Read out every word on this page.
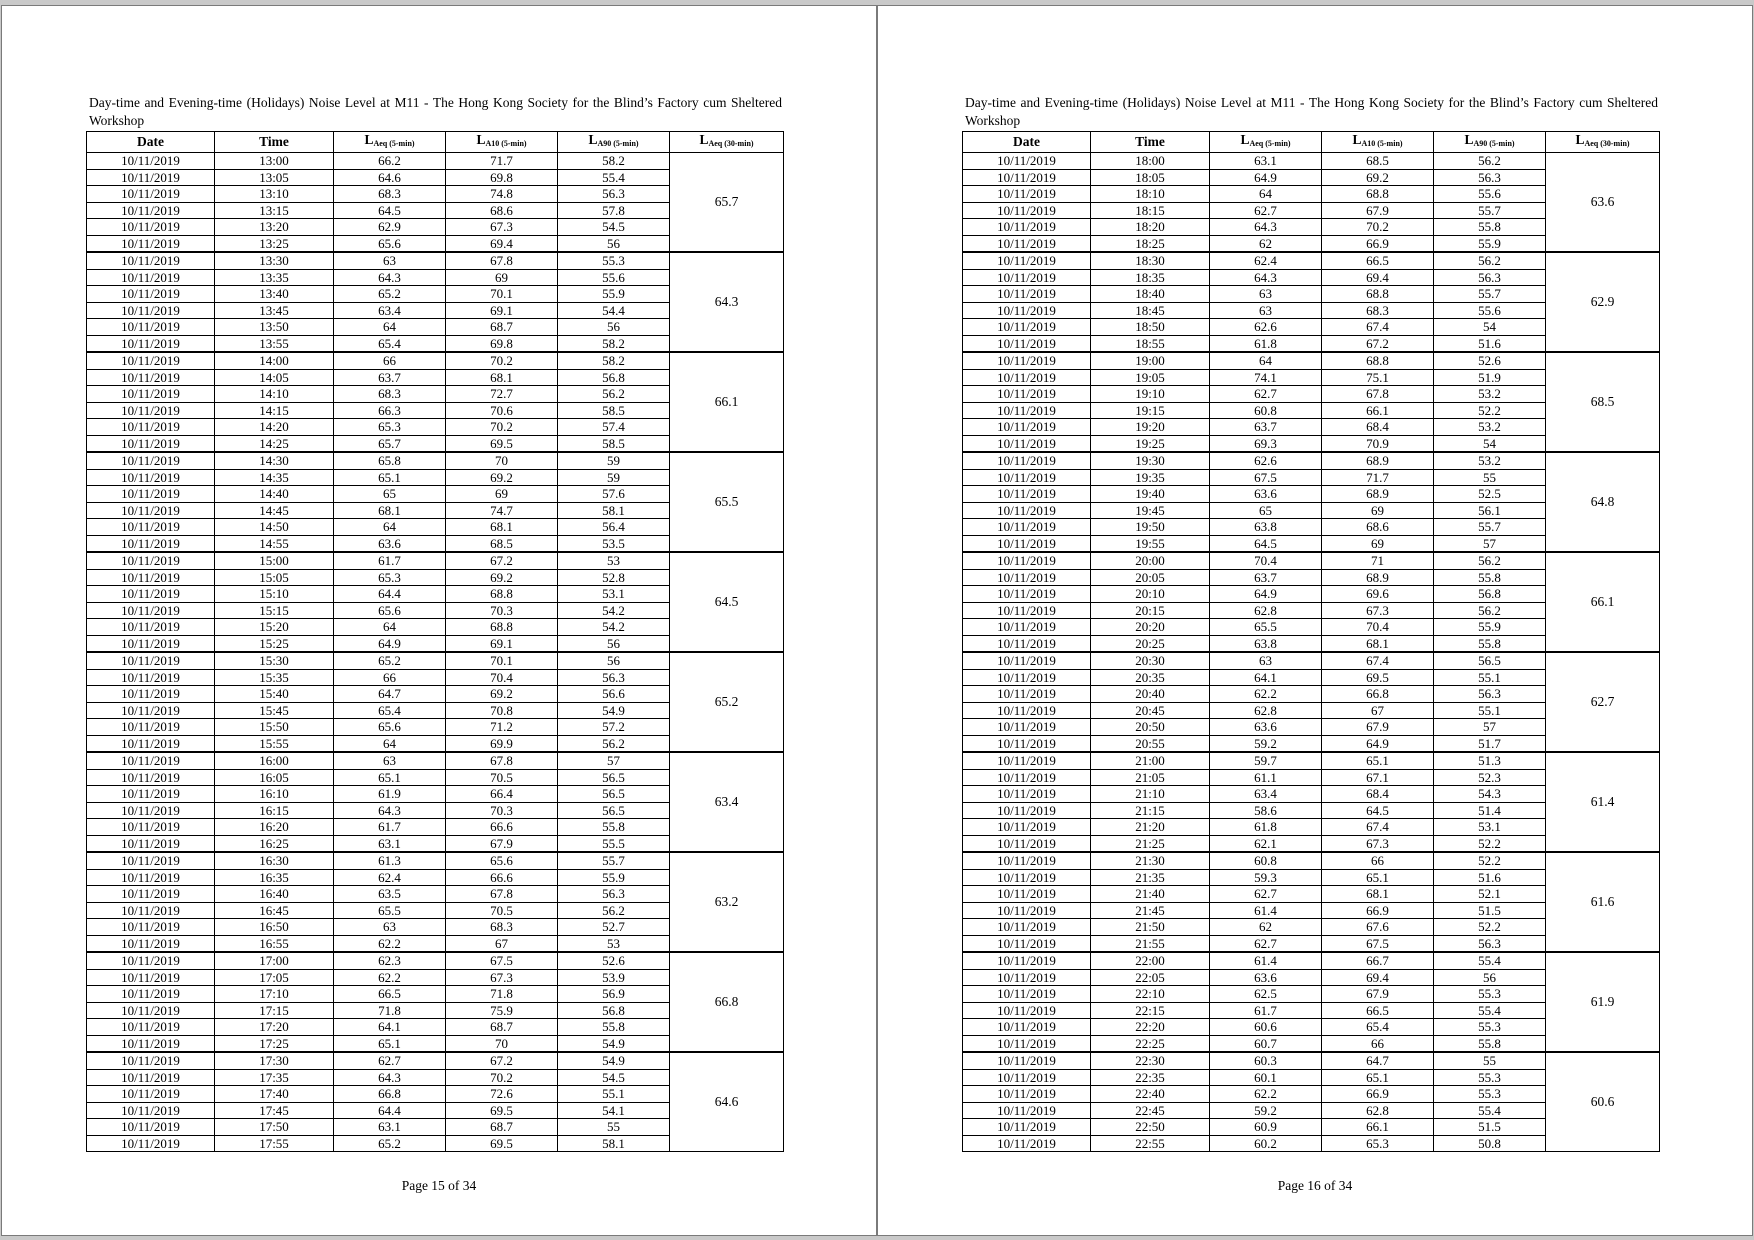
Day-time and Evening-time (Holidays) Noise Level at M11 - The Hong Kong Society for the Blind’s Factory cum Sheltered Workshop
Date	Time	$L_{Aeq (5-min)}$	$L_{A10 (5-min)}$	$L_{A90 (5-min)}$	$L_{Aeq (30-min)}$
10/11/2019	13:00	66.2	71.7	58.2	65.7
10/11/2019	13:05	64.6	69.8	55.4	
10/11/2019	13:10	68.3	74.8	56.3	
10/11/2019	13:15	64.5	68.6	57.8	
10/11/2019	13:20	62.9	67.3	54.5	
10/11/2019	13:25	65.6	69.4	56	
10/11/2019	13:30	63	67.8	55.3	64.3
10/11/2019	13:35	64.3	69	55.6	
10/11/2019	13:40	65.2	70.1	55.9	
10/11/2019	13:45	63.4	69.1	54.4	
10/11/2019	13:50	64	68.7	56	
10/11/2019	13:55	65.4	69.8	58.2	
10/11/2019	14:00	66	70.2	58.2	66.1
10/11/2019	14:05	63.7	68.1	56.8	
10/11/2019	14:10	68.3	72.7	56.2	
10/11/2019	14:15	66.3	70.6	58.5	
10/11/2019	14:20	65.3	70.2	57.4	
10/11/2019	14:25	65.7	69.5	58.5	
10/11/2019	14:30	65.8	70	59	65.5
10/11/2019	14:35	65.1	69.2	59	
10/11/2019	14:40	65	69	57.6	
10/11/2019	14:45	68.1	74.7	58.1	
10/11/2019	14:50	64	68.1	56.4	
10/11/2019	14:55	63.6	68.5	53.5	
10/11/2019	15:00	61.7	67.2	53	64.5
10/11/2019	15:05	65.3	69.2	52.8	
10/11/2019	15:10	64.4	68.8	53.1	
10/11/2019	15:15	65.6	70.3	54.2	
10/11/2019	15:20	64	68.8	54.2	
10/11/2019	15:25	64.9	69.1	56	
10/11/2019	15:30	65.2	70.1	56	65.2
10/11/2019	15:35	66	70.4	56.3	
10/11/2019	15:40	64.7	69.2	56.6	
10/11/2019	15:45	65.4	70.8	54.9	
10/11/2019	15:50	65.6	71.2	57.2	
10/11/2019	15:55	64	69.9	56.2	
10/11/2019	16:00	63	67.8	57	63.4
10/11/2019	16:05	65.1	70.5	56.5	
10/11/2019	16:10	61.9	66.4	56.5	
10/11/2019	16:15	64.3	70.3	56.5	
10/11/2019	16:20	61.7	66.6	55.8	
10/11/2019	16:25	63.1	67.9	55.5	
10/11/2019	16:30	61.3	65.6	55.7	63.2
10/11/2019	16:35	62.4	66.6	55.9	
10/11/2019	16:40	63.5	67.8	56.3	
10/11/2019	16:45	65.5	70.5	56.2	
10/11/2019	16:50	63	68.3	52.7	
10/11/2019	16:55	62.2	67	53	
10/11/2019	17:00	62.3	67.5	52.6	66.8
10/11/2019	17:05	62.2	67.3	53.9	
10/11/2019	17:10	66.5	71.8	56.9	
10/11/2019	17:15	71.8	75.9	56.8	
10/11/2019	17:20	64.1	68.7	55.8	
10/11/2019	17:25	65.1	70	54.9	
10/11/2019	17:30	62.7	67.2	54.9	64.6
10/11/2019	17:35	64.3	70.2	54.5	
10/11/2019	17:40	66.8	72.6	55.1	
10/11/2019	17:45	64.4	69.5	54.1	
10/11/2019	17:50	63.1	68.7	55	
10/11/2019	17:55	65.2	69.5	58.1	
Page 15 of 34
Day-time and Evening-time (Holidays) Noise Level at M11 - The Hong Kong Society for the Blind’s Factory cum Sheltered Workshop
Date	Time	$L_{Aeq (5-min)}$	$L_{A10 (5-min)}$	$L_{A90 (5-min)}$	$L_{Aeq (30-min)}$
10/11/2019	18:00	63.1	68.5	56.2	63.6
10/11/2019	18:05	64.9	69.2	56.3	
10/11/2019	18:10	64	68.8	55.6	
10/11/2019	18:15	62.7	67.9	55.7	
10/11/2019	18:20	64.3	70.2	55.8	
10/11/2019	18:25	62	66.9	55.9	
10/11/2019	18:30	62.4	66.5	56.2	62.9
10/11/2019	18:35	64.3	69.4	56.3	
10/11/2019	18:40	63	68.8	55.7	
10/11/2019	18:45	63	68.3	55.6	
10/11/2019	18:50	62.6	67.4	54	
10/11/2019	18:55	61.8	67.2	51.6	
10/11/2019	19:00	64	68.8	52.6	68.5
10/11/2019	19:05	74.1	75.1	51.9	
10/11/2019	19:10	62.7	67.8	53.2	
10/11/2019	19:15	60.8	66.1	52.2	
10/11/2019	19:20	63.7	68.4	53.2	
10/11/2019	19:25	69.3	70.9	54	
10/11/2019	19:30	62.6	68.9	53.2	64.8
10/11/2019	19:35	67.5	71.7	55	
10/11/2019	19:40	63.6	68.9	52.5	
10/11/2019	19:45	65	69	56.1	
10/11/2019	19:50	63.8	68.6	55.7	
10/11/2019	19:55	64.5	69	57	
10/11/2019	20:00	70.4	71	56.2	66.1
10/11/2019	20:05	63.7	68.9	55.8	
10/11/2019	20:10	64.9	69.6	56.8	
10/11/2019	20:15	62.8	67.3	56.2	
10/11/2019	20:20	65.5	70.4	55.9	
10/11/2019	20:25	63.8	68.1	55.8	
10/11/2019	20:30	63	67.4	56.5	62.7
10/11/2019	20:35	64.1	69.5	55.1	
10/11/2019	20:40	62.2	66.8	56.3	
10/11/2019	20:45	62.8	67	55.1	
10/11/2019	20:50	63.6	67.9	57	
10/11/2019	20:55	59.2	64.9	51.7	
10/11/2019	21:00	59.7	65.1	51.3	61.4
10/11/2019	21:05	61.1	67.1	52.3	
10/11/2019	21:10	63.4	68.4	54.3	
10/11/2019	21:15	58.6	64.5	51.4	
10/11/2019	21:20	61.8	67.4	53.1	
10/11/2019	21:25	62.1	67.3	52.2	
10/11/2019	21:30	60.8	66	52.2	61.6
10/11/2019	21:35	59.3	65.1	51.6	
10/11/2019	21:40	62.7	68.1	52.1	
10/11/2019	21:45	61.4	66.9	51.5	
10/11/2019	21:50	62	67.6	52.2	
10/11/2019	21:55	62.7	67.5	56.3	
10/11/2019	22:00	61.4	66.7	55.4	61.9
10/11/2019	22:05	63.6	69.4	56	
10/11/2019	22:10	62.5	67.9	55.3	
10/11/2019	22:15	61.7	66.5	55.4	
10/11/2019	22:20	60.6	65.4	55.3	
10/11/2019	22:25	60.7	66	55.8	
10/11/2019	22:30	60.3	64.7	55	60.6
10/11/2019	22:35	60.1	65.1	55.3	
10/11/2019	22:40	62.2	66.9	55.3	
10/11/2019	22:45	59.2	62.8	55.4	
10/11/2019	22:50	60.9	66.1	51.5	
10/11/2019	22:55	60.2	65.3	50.8	
Page 16 of 34
